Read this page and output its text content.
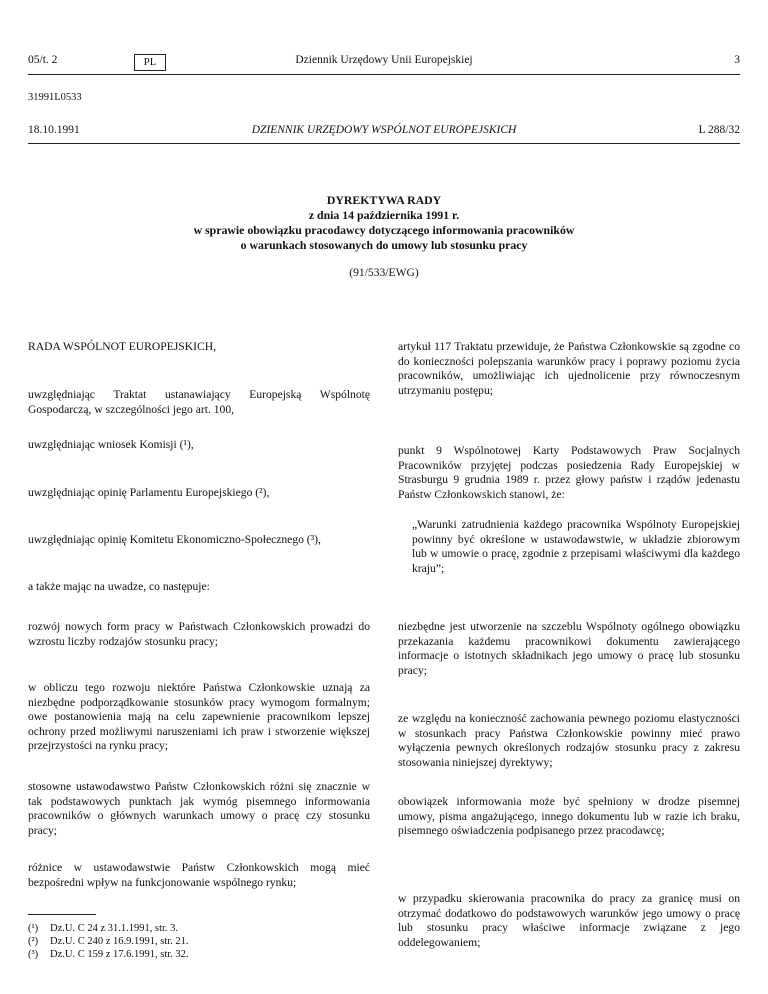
05/t. 2	PL	Dziennik Urzędowy Unii Europejskiej	3
31991L0533
18.10.1991	DZIENNIK URZĘDOWY WSPÓLNOT EUROPEJSKICH	L 288/32
DYREKTYWA RADY
z dnia 14 października 1991 r.
w sprawie obowiązku pracodawcy dotyczącego informowania pracowników
o warunkach stosowanych do umowy lub stosunku pracy
(91/533/EWG)
RADA WSPÓLNOT EUROPEJSKICH,
uwzględniając Traktat ustanawiający Europejską Wspólnotę Gospodarczą, w szczególności jego art. 100,
uwzględniając wniosek Komisji (¹),
uwzględniając opinię Parlamentu Europejskiego (²),
uwzględniając opinię Komitetu Ekonomiczno-Społecznego (³),
a także mając na uwadze, co następuje:
rozwój nowych form pracy w Państwach Członkowskich prowadzi do wzrostu liczby rodzajów stosunku pracy;
w obliczu tego rozwoju niektóre Państwa Członkowskie uznają za niezbędne podporządkowanie stosunków pracy wymogom formalnym; owe postanowienia mają na celu zapewnienie pracownikom lepszej ochrony przed możliwymi naruszeniami ich praw i stworzenie większej przejrzystości na rynku pracy;
stosowne ustawodawstwo Państw Członkowskich różni się znacznie w tak podstawowych punktach jak wymóg pisemnego informowania pracowników o głównych warunkach umowy o pracę czy stosunku pracy;
różnice w ustawodawstwie Państw Członkowskich mogą mieć bezpośredni wpływ na funkcjonowanie wspólnego rynku;
(¹) Dz.U. C 24 z 31.1.1991, str. 3.
(²) Dz.U. C 240 z 16.9.1991, str. 21.
(³) Dz.U. C 159 z 17.6.1991, str. 32.
artykuł 117 Traktatu przewiduje, że Państwa Członkowskie są zgodne co do konieczności polepszania warunków pracy i poprawy poziomu życia pracowników, umożliwiając ich ujednolicenie przy równoczesnym utrzymaniu postępu;
punkt 9 Wspólnotowej Karty Podstawowych Praw Socjalnych Pracowników przyjętej podczas posiedzenia Rady Europejskiej w Strasburgu 9 grudnia 1989 r. przez głowy państw i rządów jedenastu Państw Członkowskich stanowi, że:
„Warunki zatrudnienia każdego pracownika Wspólnoty Europejskiej powinny być określone w ustawodawstwie, w układzie zbiorowym lub w umowie o pracę, zgodnie z przepisami właściwymi dla każdego kraju”;
niezbędne jest utworzenie na szczeblu Wspólnoty ogólnego obowiązku przekazania każdemu pracownikowi dokumentu zawierającego informacje o istotnych składnikach jego umowy o pracę lub stosunku pracy;
ze względu na konieczność zachowania pewnego poziomu elastyczności w stosunkach pracy Państwa Członkowskie powinny mieć prawo wyłączenia pewnych określonych rodzajów stosunku pracy z zakresu stosowania niniejszej dyrektywy;
obowiązek informowania może być spełniony w drodze pisemnej umowy, pisma angażującego, innego dokumentu lub w razie ich braku, pisemnego oświadczenia podpisanego przez pracodawcę;
w przypadku skierowania pracownika do pracy za granicę musi on otrzymać dodatkowo do podstawowych warunków jego umowy o pracę lub stosunku pracy właściwe informacje związane z jego oddelegowaniem;
